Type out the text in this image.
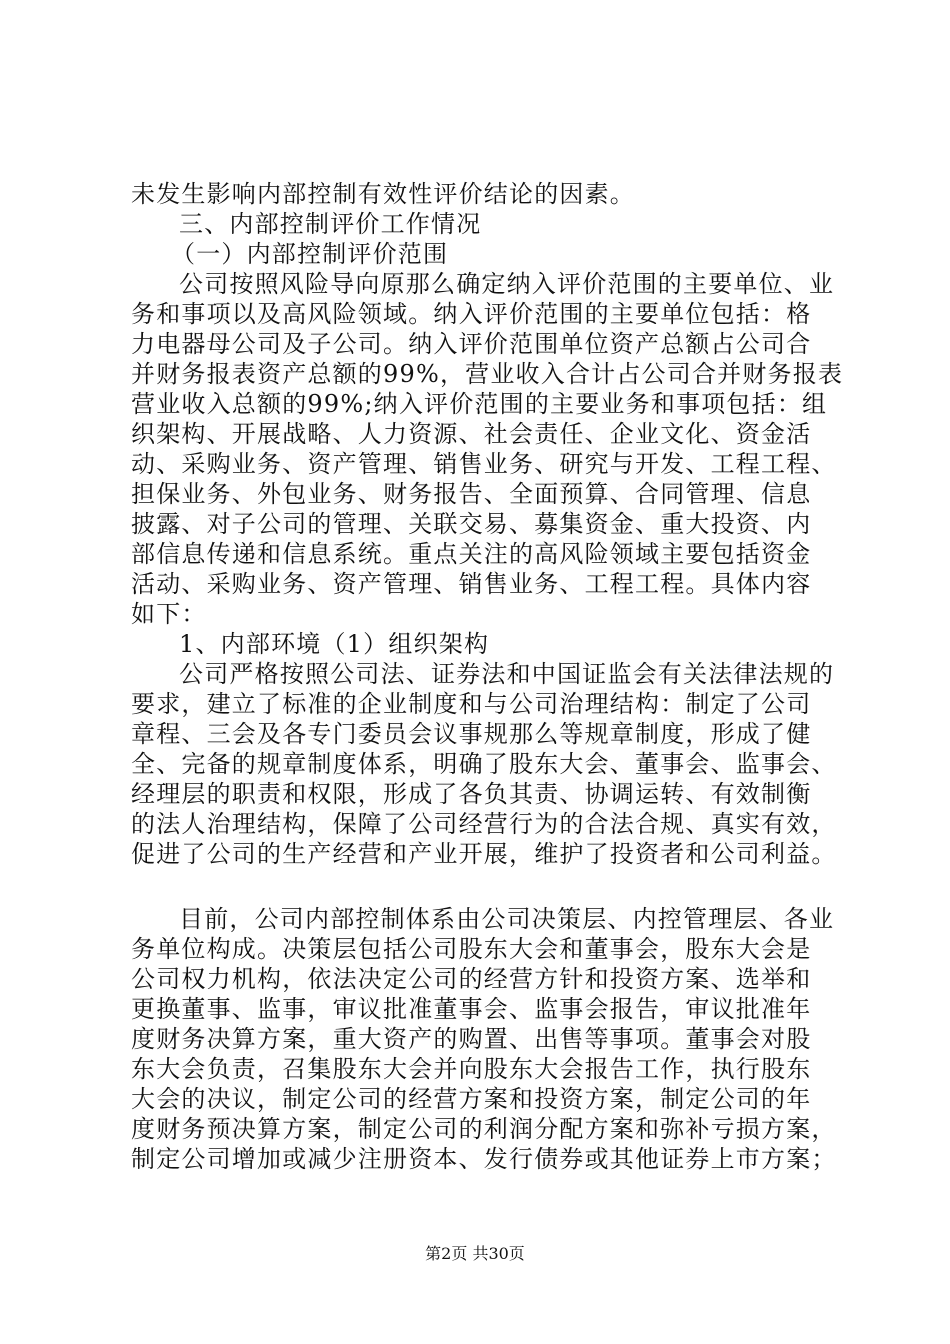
未发生影响内部控制有效性评价结论的因素。
三、内部控制评价工作情况
（一）内部控制评价范围
公司按照风险导向原那么确定纳入评价范围的主要单位、业
务和事项以及高风险领域。纳入评价范围的主要单位包括：格
力电器母公司及子公司。纳入评价范围单位资产总额占公司合
并财务报表资产总额的99%，营业收入合计占公司合并财务报表
营业收入总额的99%;纳入评价范围的主要业务和事项包括：组
织架构、开展战略、人力资源、社会责任、企业文化、资金活
动、采购业务、资产管理、销售业务、研究与开发、工程工程、
担保业务、外包业务、财务报告、全面预算、合同管理、信息
披露、对子公司的管理、关联交易、募集资金、重大投资、内
部信息传递和信息系统。重点关注的高风险领域主要包括资金
活动、采购业务、资产管理、销售业务、工程工程。具体内容
如下：
1、内部环境（1）组织架构
公司严格按照公司法、证券法和中国证监会有关法律法规的
要求，建立了标准的企业制度和与公司治理结构：制定了公司
章程、三会及各专门委员会议事规那么等规章制度，形成了健
全、完备的规章制度体系，明确了股东大会、董事会、监事会、
经理层的职责和权限，形成了各负其责、协调运转、有效制衡
的法人治理结构，保障了公司经营行为的合法合规、真实有效，
促进了公司的生产经营和产业开展，维护了投资者和公司利益。
目前，公司内部控制体系由公司决策层、内控管理层、各业
务单位构成。决策层包括公司股东大会和董事会，股东大会是
公司权力机构，依法决定公司的经营方针和投资方案、选举和
更换董事、监事，审议批准董事会、监事会报告，审议批准年
度财务决算方案，重大资产的购置、出售等事项。董事会对股
东大会负责，召集股东大会并向股东大会报告工作，执行股东
大会的决议，制定公司的经营方案和投资方案，制定公司的年
度财务预决算方案，制定公司的利润分配方案和弥补亏损方案，
制定公司增加或减少注册资本、发行债券或其他证券上市方案；
第2页 共30页
